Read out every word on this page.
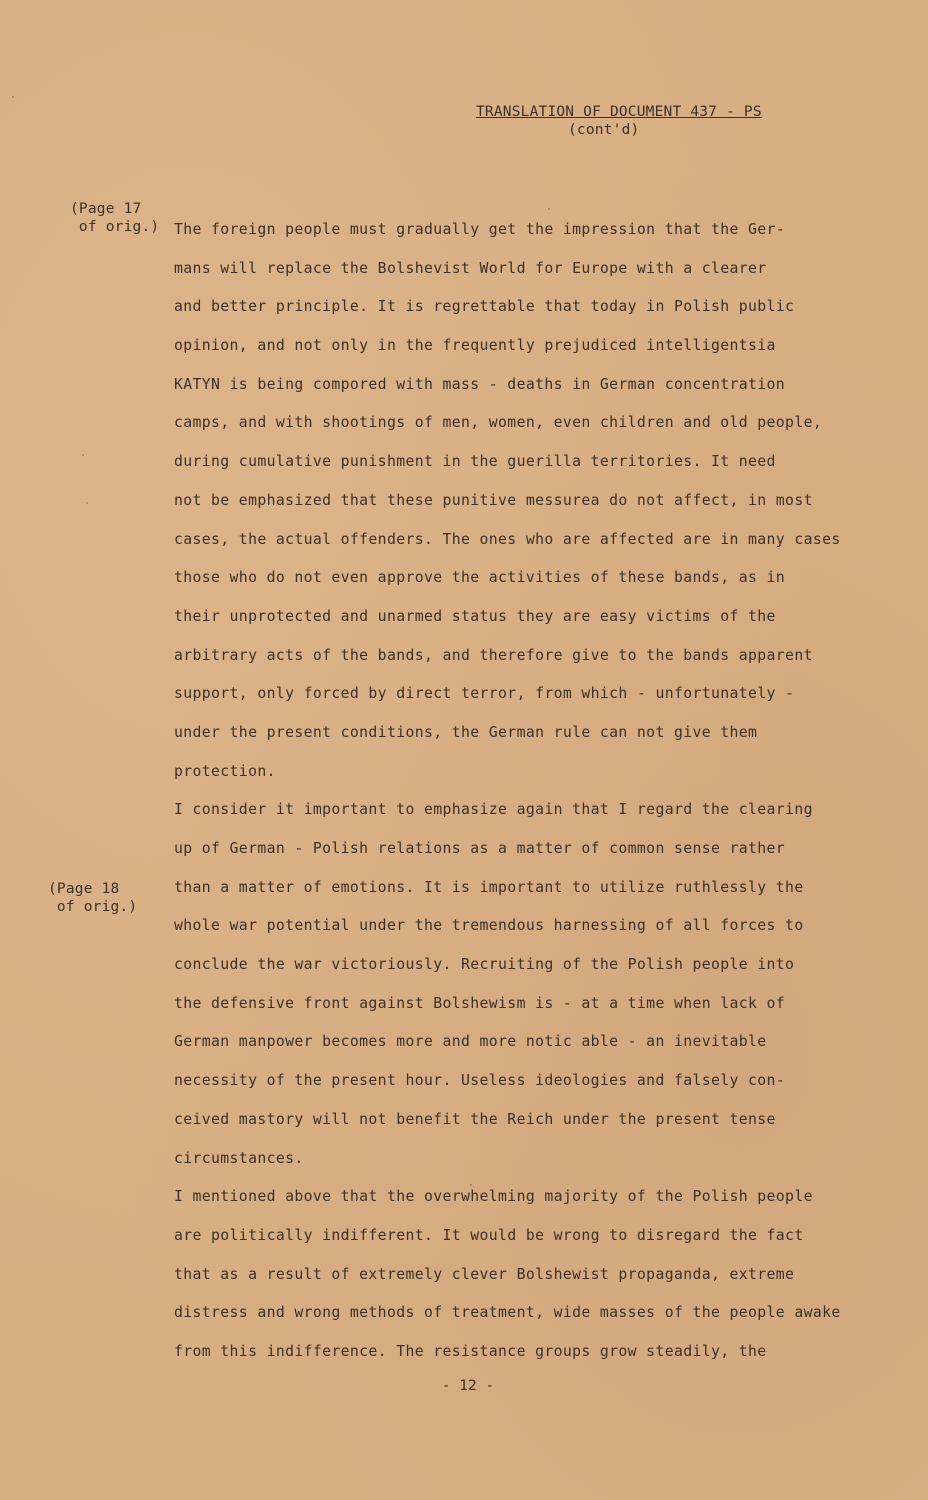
TRANSLATION OF DOCUMENT 437 - PS
(cont'd)
(Page 17
of orig.)
(Page 18
of orig.)
The foreign people must gradually get the impression that the Ger-
mans will replace the Bolshevist World for Europe with a clearer
and better principle. It is regrettable that today in Polish public
opinion, and not only in the frequently prejudiced intelligentsia
KATYN is being compored with mass - deaths in German concentration
camps, and with shootings of men, women, even children and old people,
during cumulative punishment in the guerilla territories. It need
not be emphasized that these punitive messurea do not affect, in most
cases, the actual offenders. The ones who are affected are in many cases
those who do not even approve the activities of these bands, as in
their unprotected and unarmed status they are easy victims of the
arbitrary acts of the bands, and therefore give to the bands apparent
support, only forced by direct terror, from which - unfortunately -
under the present conditions, the German rule can not give them
protection.
I consider it important to emphasize again that I regard the clearing
up of German - Polish relations as a matter of common sense rather
than a matter of emotions. It is important to utilize ruthlessly the
whole war potential under the tremendous harnessing of all forces to
conclude the war victoriously. Recruiting of the Polish people into
the defensive front against Bolshewism is - at a time when lack of
German manpower becomes more and more notic able - an inevitable
necessity of the present hour. Useless ideologies and falsely con-
ceived mastory will not benefit the Reich under the present tense
circumstances.
I mentioned above that the overwhelming majority of the Polish people
are politically indifferent. It would be wrong to disregard the fact
that as a result of extremely clever Bolshewist propaganda, extreme
distress and wrong methods of treatment, wide masses of the people awake
from this indifference. The resistance groups grow steadily, the
- 12 -
